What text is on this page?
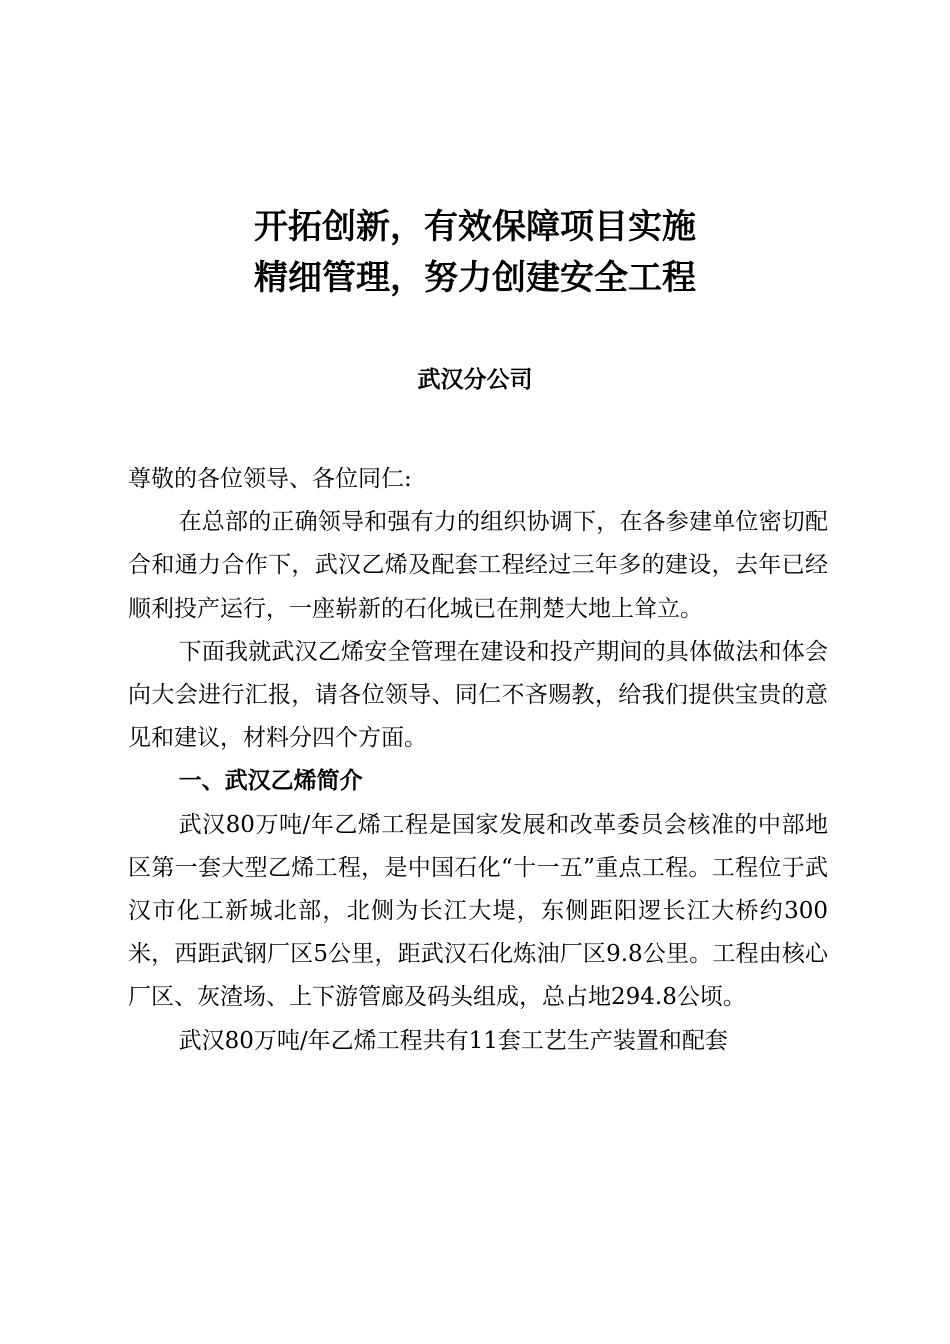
开拓创新，有效保障项目实施
精细管理，努力创建安全工程
武汉分公司

尊敬的各位领导、各位同仁:

在总部的正确领导和强有力的组织协调下，在各参建单位密切配合和通力合作下，武汉乙烯及配套工程经过三年多的建设，去年已经顺利投产运行，一座崭新的石化城已在荆楚大地上耸立。

下面我就武汉乙烯安全管理在建设和投产期间的具体做法和体会向大会进行汇报，请各位领导、同仁不吝赐教，给我们提供宝贵的意见和建议，材料分四个方面。

一、武汉乙烯简介

武汉80万吨/年乙烯工程是国家发展和改革委员会核准的中部地区第一套大型乙烯工程，是中国石化“十一五”重点工程。工程位于武汉市化工新城北部，北侧为长江大堤，东侧距阳逻长江大桥约300米，西距武钢厂区5公里，距武汉石化炼油厂区9.8公里。工程由核心厂区、灰渣场、上下游管廊及码头组成，总占地294.8公顷。

武汉80万吨/年乙烯工程共有11套工艺生产装置和配套
